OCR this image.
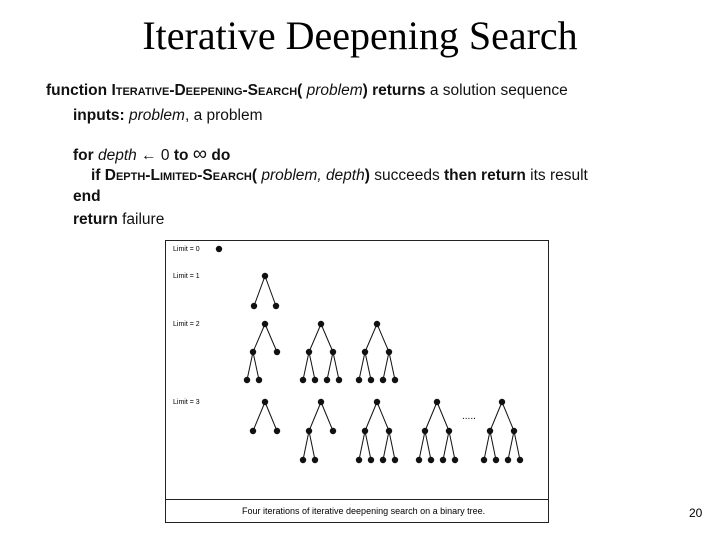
Iterative Deepening Search
function Iterative-Deepening-Search( problem) returns a solution sequence
inputs: problem, a problem
for depth ← 0 to ∞ do
if Depth-Limited-Search( problem, depth) succeeds then return its result
end
return failure
Limit = 0
Limit = 1
Limit = 2
Limit = 3
.....
Four iterations of iterative deepening search on a binary tree.	20
